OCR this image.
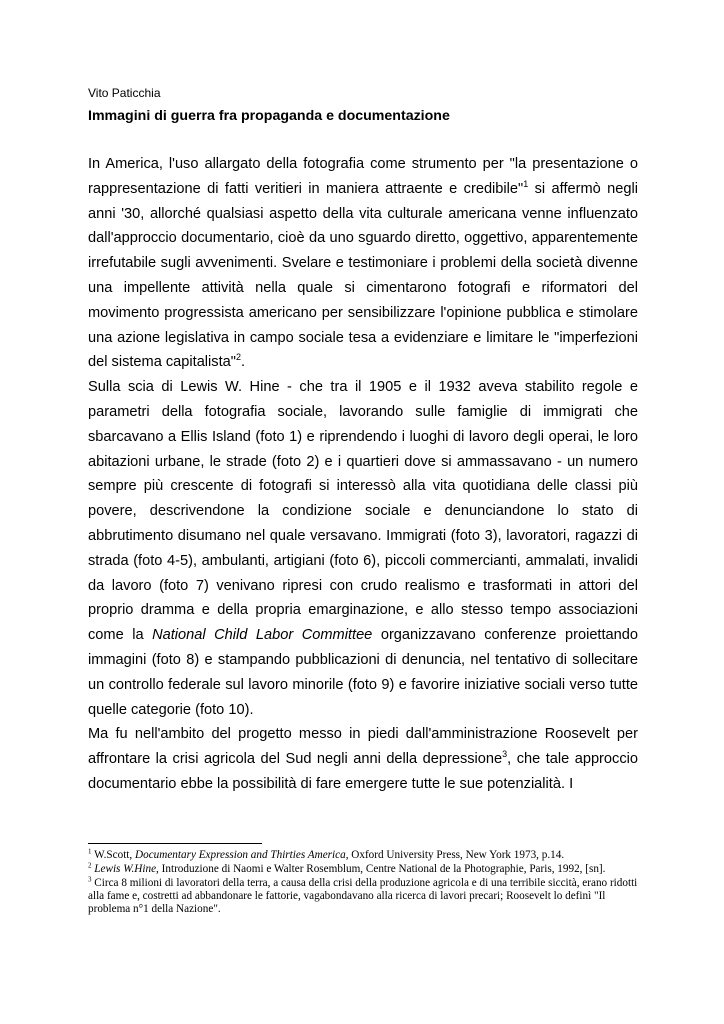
Vito Paticchia
Immagini di guerra fra propaganda e documentazione

In America, l'uso allargato della fotografia come strumento per "la presentazione o rappresentazione di fatti veritieri in maniera attraente e credibile"$^1$ si affermò negli anni '30, allorché qualsiasi aspetto della vita culturale americana venne influenzato dall'approccio documentario, cioè da uno sguardo diretto, oggettivo, apparentemente irrefutabile sugli avvenimenti. Svelare e testimoniare i problemi della società divenne una impellente attività nella quale si cimentarono fotografi e riformatori del movimento progressista americano per sensibilizzare l'opinione pubblica e stimolare una azione legislativa in campo sociale tesa a evidenziare e limitare le "imperfezioni del sistema capitalista"$^2$.

Sulla scia di Lewis W. Hine - che tra il 1905 e il 1932 aveva stabilito regole e parametri della fotografia sociale, lavorando sulle famiglie di immigrati che sbarcavano a Ellis Island (foto 1) e riprendendo i luoghi di lavoro degli operai, le loro abitazioni urbane, le strade (foto 2) e i quartieri dove si ammassavano - un numero sempre più crescente di fotografi si interessò alla vita quotidiana delle classi più povere, descrivendone la condizione sociale e denunciandone lo stato di abbrutimento disumano nel quale versavano. Immigrati (foto 3), lavoratori, ragazzi di strada (foto 4-5), ambulanti, artigiani (foto 6), piccoli commercianti, ammalati, invalidi da lavoro (foto 7) venivano ripresi con crudo realismo e trasformati in attori del proprio dramma e della propria emarginazione, e allo stesso tempo associazioni come la National Child Labor Committee organizzavano conferenze proiettando immagini (foto 8) e stampando pubblicazioni di denuncia, nel tentativo di sollecitare un controllo federale sul lavoro minorile (foto 9) e favorire iniziative sociali verso tutte quelle categorie (foto 10).

Ma fu nell'ambito del progetto messo in piedi dall'amministrazione Roosevelt per affrontare la crisi agricola del Sud negli anni della depressione$^3$, che tale approccio documentario ebbe la possibilità di fare emergere tutte le sue potenzialità. I

$^1$ W.Scott, Documentary Expression and Thirties America, Oxford University Press, New York 1973, p.14.

$^2$ Lewis W.Hine, Introduzione di Naomi e Walter Rosemblum, Centre National de la Photographie, Paris, 1992, [sn].

$^3$ Circa 8 milioni di lavoratori della terra, a causa della crisi della produzione agricola e di una terribile siccità, erano ridotti alla fame e, costretti ad abbandonare le fattorie, vagabondavano alla ricerca di lavori precari; Roosevelt lo definì "Il problema n°1 della Nazione".
